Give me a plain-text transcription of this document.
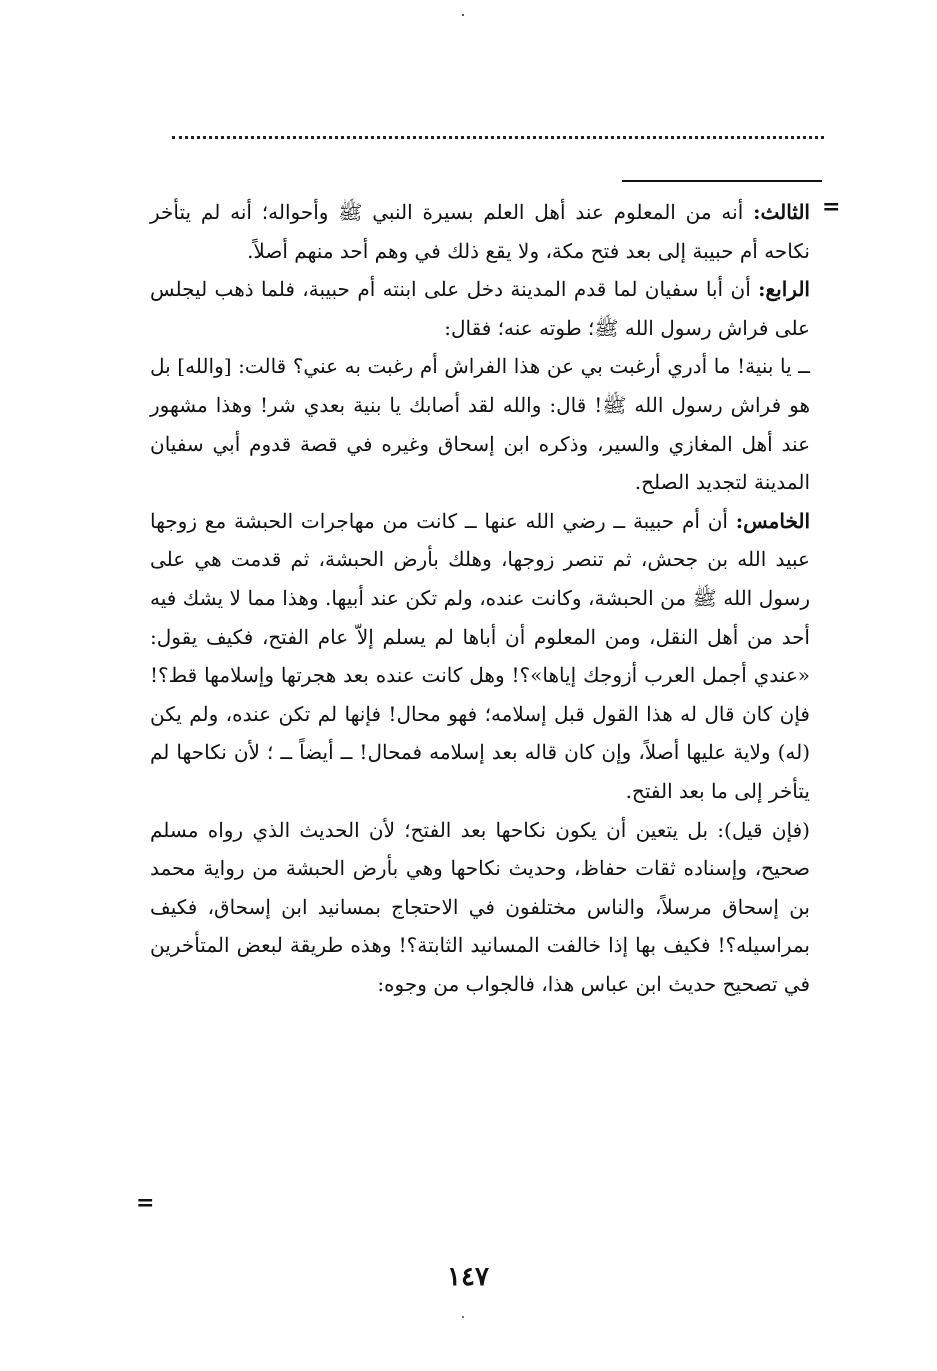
=

الثالث: أنه من المعلوم عند أهل العلم بسيرة النبي ﷺ وأحواله؛ أنه لم يتأخر نكاحه أم حبيبة إلى بعد فتح مكة، ولا يقع ذلك في وهم أحد منهم أصلاً.

الرابع: أن أبا سفيان لما قدم المدينة دخل على ابنته أم حبيبة، فلما ذهب ليجلس على فراش رسول الله ﷺ؛ طوته عنه؛ فقال:

ــ يا بنية! ما أدري أرغبت بي عن هذا الفراش أم رغبت به عني؟ قالت: [والله] بل هو فراش رسول الله ﷺ! قال: والله لقد أصابك يا بنية بعدي شر! وهذا مشهور عند أهل المغازي والسير، وذكره ابن إسحاق وغيره في قصة قدوم أبي سفيان المدينة لتجديد الصلح.

الخامس: أن أم حبيبة ــ رضي الله عنها ــ كانت من مهاجرات الحبشة مع زوجها عبيد الله بن جحش، ثم تنصر زوجها، وهلك بأرض الحبشة، ثم قدمت هي على رسول الله ﷺ من الحبشة، وكانت عنده، ولم تكن عند أبيها. وهذا مما لا يشك فيه أحد من أهل النقل، ومن المعلوم أن أباها لم يسلم إلاّ عام الفتح، فكيف يقول: «عندي أجمل العرب أزوجك إياها»؟! وهل كانت عنده بعد هجرتها وإسلامها قط؟! فإن كان قال له هذا القول قبل إسلامه؛ فهو محال! فإنها لم تكن عنده، ولم يكن (له) ولاية عليها أصلاً، وإن كان قاله بعد إسلامه فمحال! ــ أيضاً ــ ؛ لأن نكاحها لم يتأخر إلى ما بعد الفتح.

(فإن قيل): بل يتعين أن يكون نكاحها بعد الفتح؛ لأن الحديث الذي رواه مسلم صحيح، وإسناده ثقات حفاظ، وحديث نكاحها وهي بأرض الحبشة من رواية محمد بن إسحاق مرسلاً، والناس مختلفون في الاحتجاج بمسانيد ابن إسحاق، فكيف بمراسيله؟! فكيف بها إذا خالفت المسانيد الثابتة؟! وهذه طريقة لبعض المتأخرين في تصحيح حديث ابن عباس هذا، فالجواب من وجوه:

=
١٤٧
